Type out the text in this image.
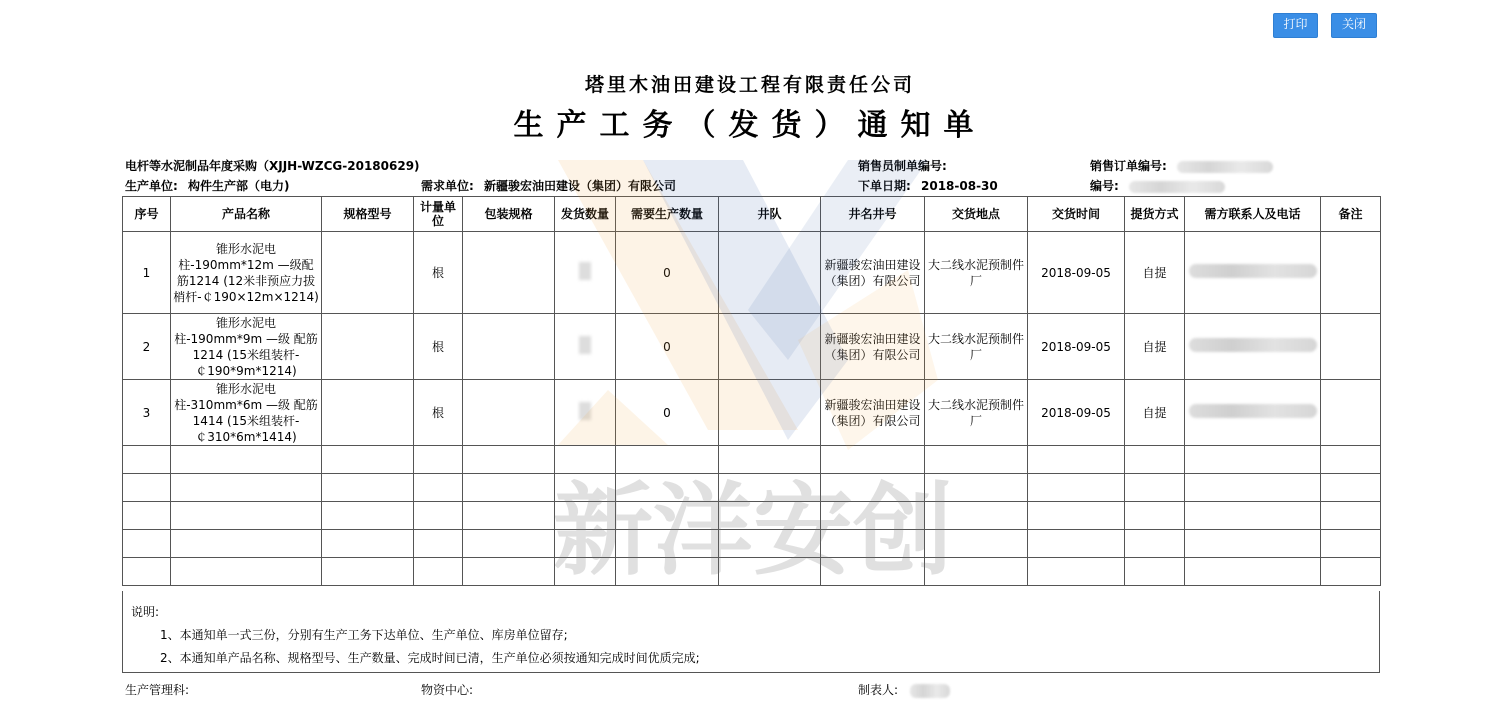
打印	关闭
塔里木油田建设工程有限责任公司
生产工务（发货）通知单
电杆等水泥制品年度采购（XJJH-WZCG-20180629)	销售员制单编号:	销售订单编号:
生产单位: 构件生产部（电力)	需求单位: 新疆骏宏油田建设（集团）有限公司	下单日期: 2018-08-30	编号:
新洋安创
序号	产品名称	规格型号	计量单位	包装规格	发货数量	需要生产数量	井队	井名井号	交货地点	交货时间	提货方式	需方联系人及电话	备注
1	锥形水泥电柱-190mm*12m —级配筋1214 (12米非预应力拔梢杆-￠190×12m×1214)		根			0		新疆骏宏油田建设（集团）有限公司	大二线水泥预制件厂	2018-09-05	自提		
2	锥形水泥电柱-190mm*9m —级 配筋1214 (15米组装杆-￠190*9m*1214)		根			0		新疆骏宏油田建设（集团）有限公司	大二线水泥预制件厂	2018-09-05	自提		
3	锥形水泥电柱-310mm*6m —级 配筋1414 (15米组装杆-￠310*6m*1414)		根			0		新疆骏宏油田建设（集团）有限公司	大二线水泥预制件厂	2018-09-05	自提		

说明:
1、本通知单一式三份，分别有生产工务下达单位、生产单位、库房单位留存;
2、本通知单产品名称、规格型号、生产数量、完成时间已清，生产单位必须按通知完成时间优质完成;
生产管理科:	物资中心:	制表人:
